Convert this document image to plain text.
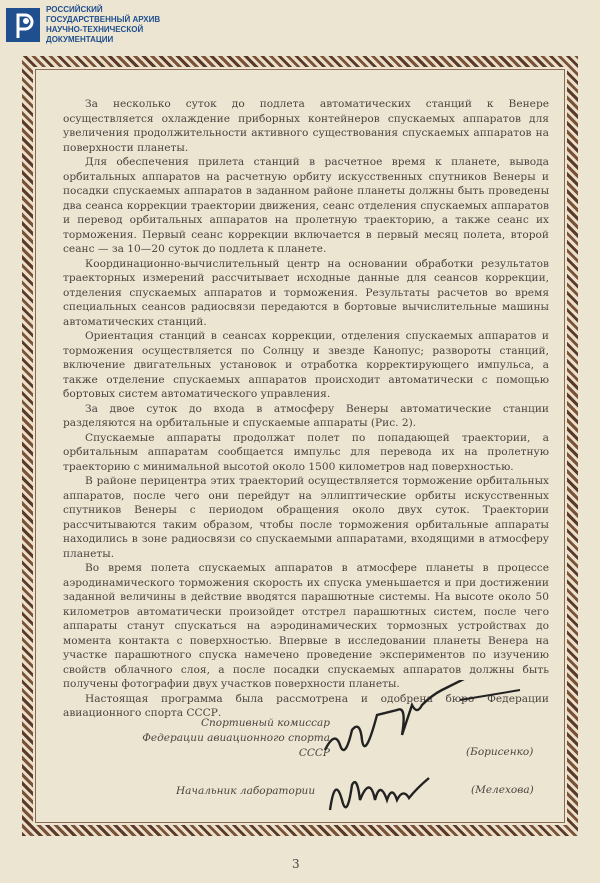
РОССИЙСКИЙ
ГОСУДАРСТВЕННЫЙ АРХИВ
НАУЧНО-ТЕХНИЧЕСКОЙ
ДОКУМЕНТАЦИИ

За несколько суток до подлета автоматических станций к Венере осуществляется охлаждение приборных контейнеров спускаемых аппаратов для увеличения продолжительности активного существования спускаемых аппаратов на поверхности планеты.

Для обеспечения прилета станций в расчетное время к планете, вывода орбитальных аппаратов на расчетную орбиту искусственных спутников Венеры и посадки спускаемых аппаратов в заданном районе планеты должны быть проведены два сеанса коррекции траектории движения, сеанс отделения спускаемых аппаратов и перевод орбитальных аппаратов на пролетную траекторию, а также сеанс их торможения. Первый сеанс коррекции включается в первый месяц полета, второй сеанс — за 10—20 суток до подлета к планете.

Координационно-вычислительный центр на основании обработки результатов траекторных измерений рассчитывает исходные данные для сеансов коррекции, отделения спускаемых аппаратов и торможения. Результаты расчетов во время специальных сеансов радиосвязи передаются в бортовые вычислительные машины автоматических станций.

Ориентация станций в сеансах коррекции, отделения спускаемых аппаратов и торможения осуществляется по Солнцу и звезде Канопус; развороты станций, включение двигательных установок и отработка корректирующего импульса, а также отделение спускаемых аппаратов происходит автоматически с помощью бортовых систем автоматического управления.

За двое суток до входа в атмосферу Венеры автоматические станции разделяются на орбитальные и спускаемые аппараты (Рис. 2).

Спускаемые аппараты продолжат полет по попадающей траектории, а орбитальным аппаратам сообщается импульс для перевода их на пролетную траекторию с минимальной высотой около 1500 километров над поверхностью.

В районе перицентра этих траекторий осуществляется торможение орбитальных аппаратов, после чего они перейдут на эллиптические орбиты искусственных спутников Венеры с периодом обращения около двух суток. Траектории рассчитываются таким образом, чтобы после торможения орбитальные аппараты находились в зоне радиосвязи со спускаемыми аппаратами, входящими в атмосферу планеты.

Во время полета спускаемых аппаратов в атмосфере планеты в процессе аэродинамического торможения скорость их спуска уменьшается и при достижении заданной величины в действие вводятся парашютные системы. На высоте около 50 километров автоматически произойдет отстрел парашютных систем, после чего аппараты станут спускаться на аэродинамических тормозных устройствах до момента контакта с поверхностью. Впервые в исследовании планеты Венера на участке парашютного спуска намечено проведение экспериментов по изучению свойств облачного слоя, а после посадки спускаемых аппаратов должны быть получены фотографии двух участков поверхности планеты.

Настоящая программа была рассмотрена и одобрена бюро Федерации авиационного спорта СССР.

Спортивный комиссар
Федерации авиационного спорта
СССР	(Борисенко)
Начальник лаборатории	(Мелехова)
3
